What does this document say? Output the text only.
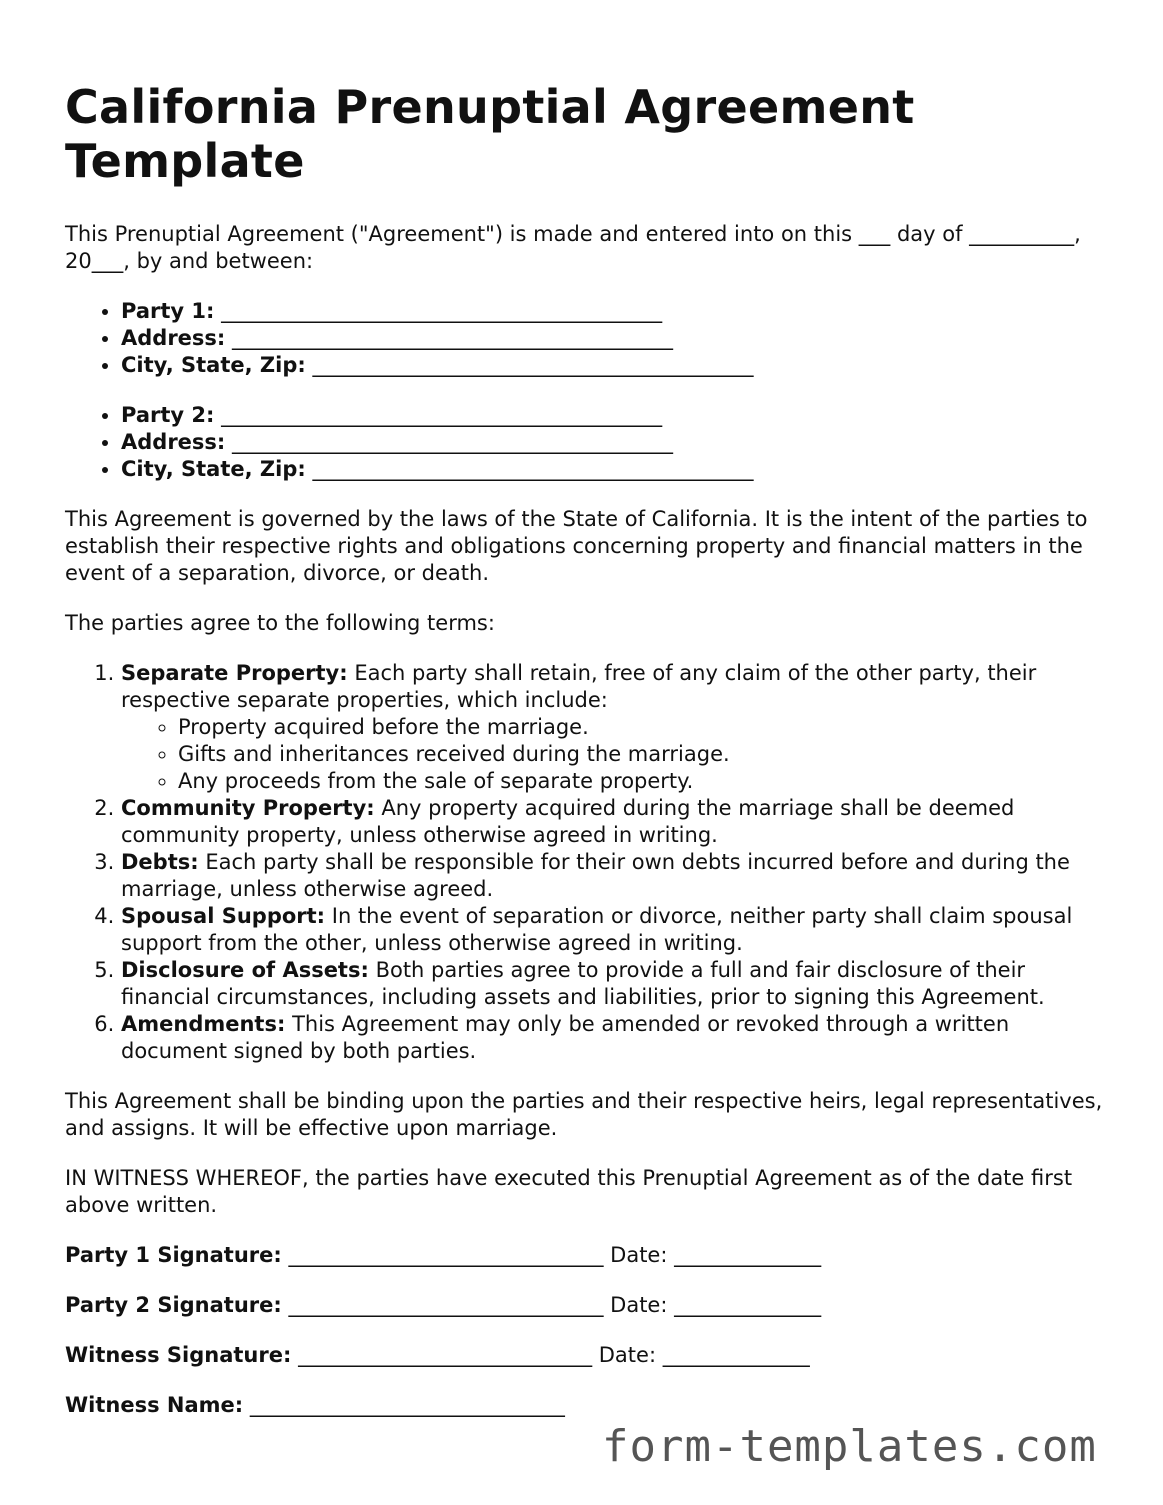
California Prenuptial Agreement Template

This Prenuptial Agreement ("Agreement") is made and entered into on this ___ day of __________, 20___, by and between:

• Party 1: __________________________________________
• Address: __________________________________________
• City, State, Zip: __________________________________________
• Party 2: __________________________________________
• Address: __________________________________________
• City, State, Zip: __________________________________________

This Agreement is governed by the laws of the State of California. It is the intent of the parties to establish their respective rights and obligations concerning property and financial matters in the event of a separation, divorce, or death.

The parties agree to the following terms:

1. Separate Property: Each party shall retain, free of any claim of the other party, their respective separate properties, which include:
◦ Property acquired before the marriage.
◦ Gifts and inheritances received during the marriage.
◦ Any proceeds from the sale of separate property.
2. Community Property: Any property acquired during the marriage shall be deemed community property, unless otherwise agreed in writing.
3. Debts: Each party shall be responsible for their own debts incurred before and during the marriage, unless otherwise agreed.
4. Spousal Support: In the event of separation or divorce, neither party shall claim spousal support from the other, unless otherwise agreed in writing.
5. Disclosure of Assets: Both parties agree to provide a full and fair disclosure of their financial circumstances, including assets and liabilities, prior to signing this Agreement.
6. Amendments: This Agreement may only be amended or revoked through a written document signed by both parties.

This Agreement shall be binding upon the parties and their respective heirs, legal representatives, and assigns. It will be effective upon marriage.

IN WITNESS WHEREOF, the parties have executed this Prenuptial Agreement as of the date first above written.

Party 1 Signature: ______________________________ Date: ______________
Party 2 Signature: ______________________________ Date: ______________
Witness Signature: ____________________________ Date: ______________
Witness Name: ______________________________
form-templates.com
